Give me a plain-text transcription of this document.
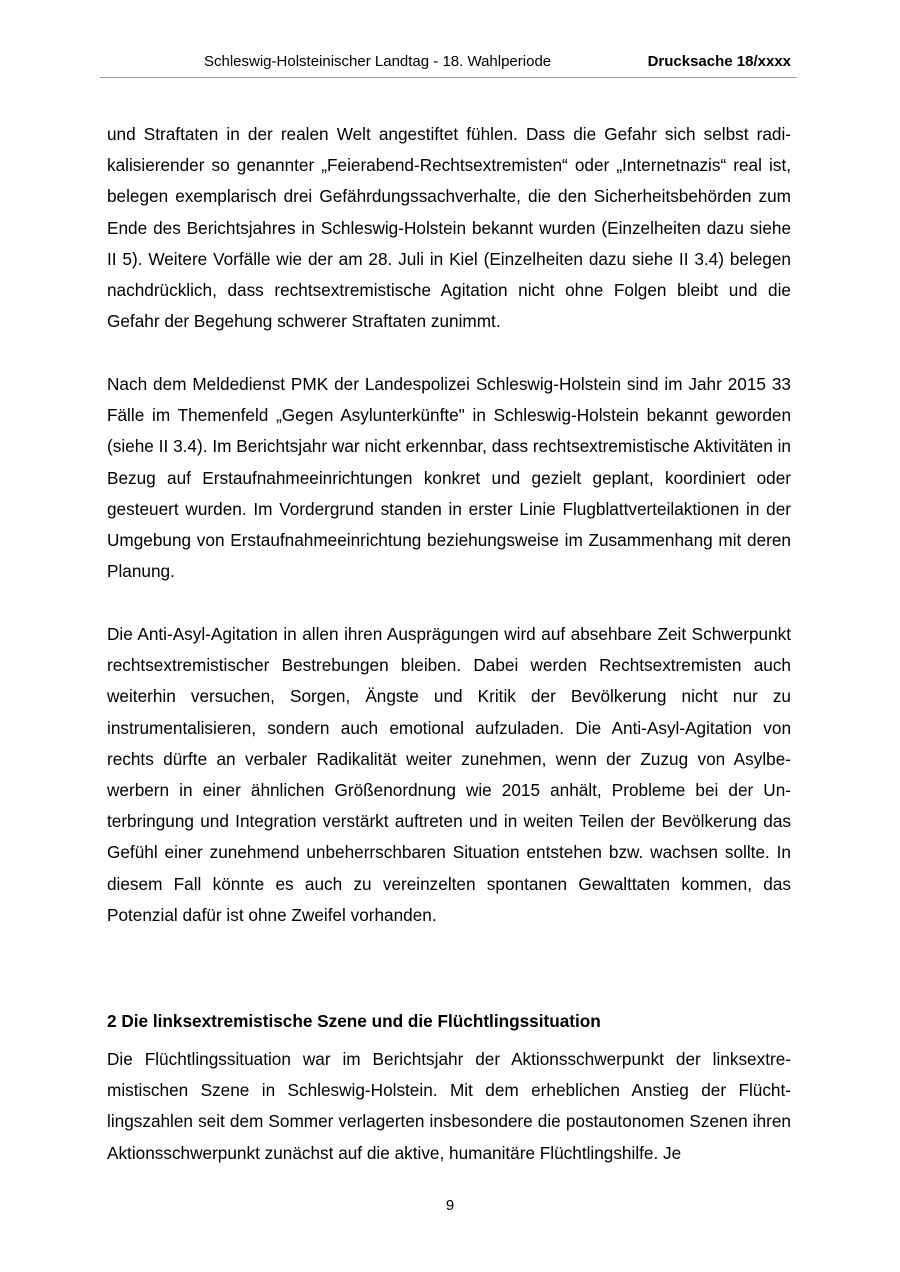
Schleswig-Holsteinischer Landtag - 18. Wahlperiode	Drucksache 18/xxxx

und Straftaten in der realen Welt angestiftet fühlen. Dass die Gefahr sich selbst radikalisierender so genannter „Feierabend-Rechtsextremisten“ oder „Internetnazis“ real ist, belegen exemplarisch drei Gefährdungssachverhalte, die den Sicherheitsbehörden zum Ende des Berichtsjahres in Schleswig-Holstein bekannt wurden (Einzelheiten dazu siehe II 5). Weitere Vorfälle wie der am 28. Juli in Kiel (Einzelheiten dazu siehe II 3.4) belegen nachdrücklich, dass rechtsextremistische Agitation nicht ohne Folgen bleibt und die Gefahr der Begehung schwerer Straftaten zunimmt.

Nach dem Meldedienst PMK der Landespolizei Schleswig-Holstein sind im Jahr 2015 33 Fälle im Themenfeld „Gegen Asylunterkünfte" in Schleswig-Holstein bekannt geworden (siehe II 3.4). Im Berichtsjahr war nicht erkennbar, dass rechtsextremistische Aktivitäten in Bezug auf Erstaufnahmeeinrichtungen konkret und gezielt geplant, koordiniert oder gesteuert wurden. Im Vordergrund standen in erster Linie Flugblattverteilaktionen in der Umgebung von Erstaufnahmeeinrichtung beziehungsweise im Zusammenhang mit deren Planung.

Die Anti-Asyl-Agitation in allen ihren Ausprägungen wird auf absehbare Zeit Schwerpunkt rechtsextremistischer Bestrebungen bleiben. Dabei werden Rechtsextremisten auch weiterhin versuchen, Sorgen, Ängste und Kritik der Bevölkerung nicht nur zu instrumentalisieren, sondern auch emotional aufzuladen. Die Anti-Asyl-Agitation von rechts dürfte an verbaler Radikalität weiter zunehmen, wenn der Zuzug von Asylbewerbern in einer ähnlichen Größenordnung wie 2015 anhält, Probleme bei der Unterbringung und Integration verstärkt auftreten und in weiten Teilen der Bevölkerung das Gefühl einer zunehmend unbeherrschbaren Situation entstehen bzw. wachsen sollte. In diesem Fall könnte es auch zu vereinzelten spontanen Gewalttaten kommen, das Potenzial dafür ist ohne Zweifel vorhanden.

2 Die linksextremistische Szene und die Flüchtlingssituation

Die Flüchtlingssituation war im Berichtsjahr der Aktionsschwerpunkt der linksextremistischen Szene in Schleswig-Holstein. Mit dem erheblichen Anstieg der Flüchtlingszahlen seit dem Sommer verlagerten insbesondere die postautonomen Szenen ihren Aktionsschwerpunkt zunächst auf die aktive, humanitäre Flüchtlingshilfe. Je

9
